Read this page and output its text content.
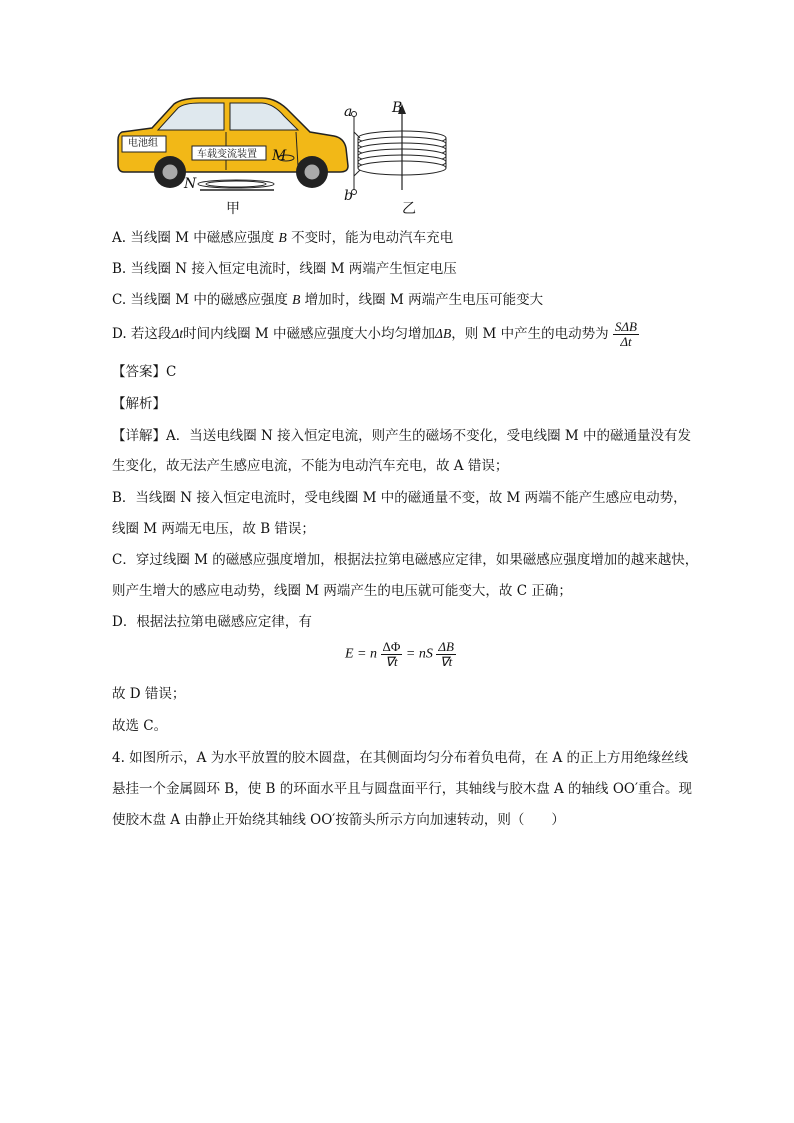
电池组
车载变流装置 M
N
a
b
B
甲	乙
A. 当线圈 M 中磁感应强度 B 不变时，能为电动汽车充电
B. 当线圈 N 接入恒定电流时，线圈 M 两端产生恒定电压
C. 当线圈 M 中的磁感应强度 B 增加时，线圈 M 两端产生电压可能变大
D. 若这段Δt时间内线圈 M 中磁感应强度大小均匀增加ΔB，则 M 中产生的电动势为 $\frac{\text{SΔB}}{\Delta t}$
【答案】C
【解析】
【详解】A．当送电线圈 N 接入恒定电流，则产生的磁场不变化，受电线圈 M 中的磁通量没有发
生变化，故无法产生感应电流，不能为电动汽车充电，故 A 错误；
B．当线圈 N 接入恒定电流时，受电线圈 M 中的磁通量不变，故 M 两端不能产生感应电动势，
线圈 M 两端无电压，故 B 错误；
C．穿过线圈 M 的磁感应强度增加，根据法拉第电磁感应定律，如果磁感应强度增加的越来越快，
则产生增大的感应电动势，线圈 M 两端产生的电压就可能变大，故 C 正确；
D．根据法拉第电磁感应定律，有
E = n $\frac{\Delta\Phi}{\nabla t}$ = nS $\frac{\Delta B}{\nabla t}$
故 D 错误；
故选 C。
4. 如图所示，A 为水平放置的胶木圆盘，在其侧面均匀分布着负电荷，在 A 的正上方用绝缘丝线
悬挂一个金属圆环 B，使 B 的环面水平且与圆盘面平行，其轴线与胶木盘 A 的轴线 OO′重合。现
使胶木盘 A 由静止开始绕其轴线 OO′按箭头所示方向加速转动，则（　　）
